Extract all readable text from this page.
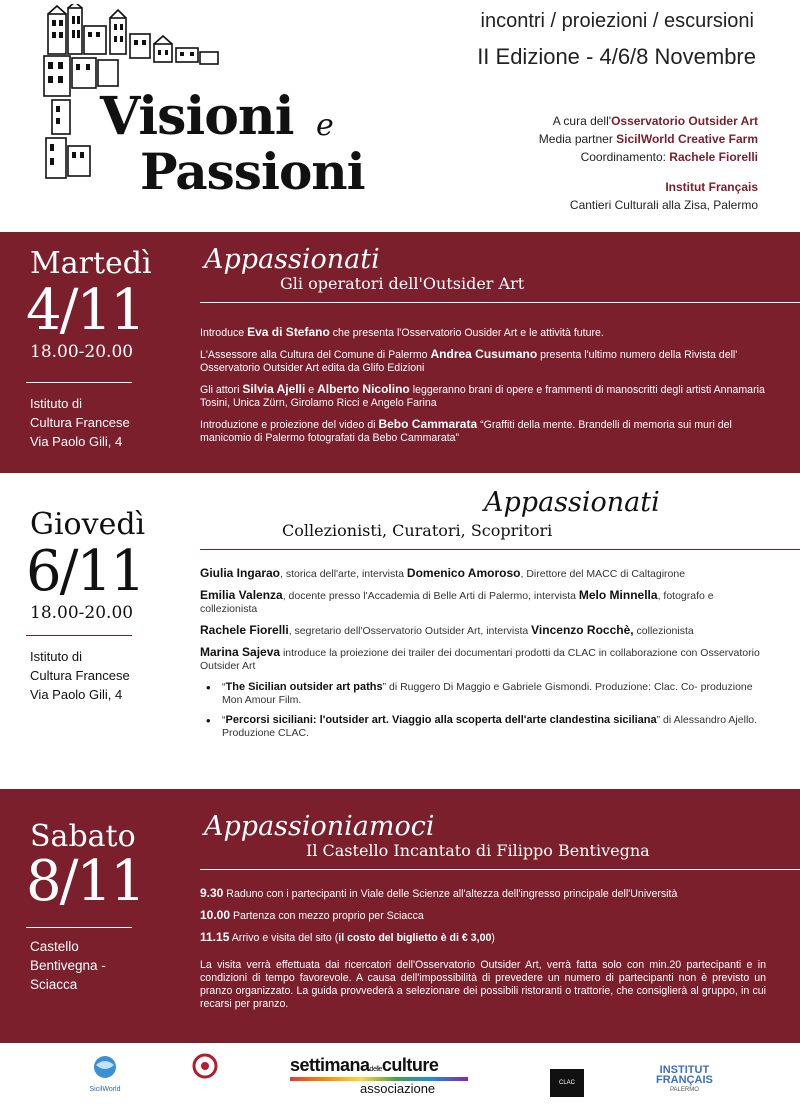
Visioni e
Passioni
incontri / proiezioni / escursioni
II Edizione - 4/6/8 Novembre
A cura dell'Osservatorio Outsider Art
Media partner SicilWorld Creative Farm
Coordinamento: Rachele Fiorelli
Institut Français
Cantieri Culturali alla Zisa, Palermo
Martedì
4/11
18.00-20.00
Istituto di
Cultura Francese
Via Paolo Gili, 4
Appassionati
Gli operatori dell'Outsider Art

Introduce Eva di Stefano che presenta l'Osservatorio Ousider Art e le attività future.

L'Assessore alla Cultura del Comune di Palermo Andrea Cusumano presenta l'ultimo numero della Rivista dell' Osservatorio Outsider Art edita da Glifo Edizioni

Gli attori Silvia Ajelli e Alberto Nicolino leggeranno brani di opere e frammenti di manoscritti degli artisti Annamaria Tosini, Unica Zürn, Girolamo Ricci e Angelo Farina

Introduzione e proiezione del video di Bebo Cammarata “Graffiti della mente. Brandelli di memoria sui muri del manicomio di Palermo fotografati da Bebo Cammarata”

Giovedì
6/11
18.00-20.00
Istituto di
Cultura Francese
Via Paolo Gili, 4
Appassionati
Collezionisti, Curatori, Scopritori

Giulia Ingarao, storica dell'arte, intervista Domenico Amoroso, Direttore del MACC di Caltagirone

Emilia Valenza, docente presso l'Accademia di Belle Arti di Palermo, intervista Melo Minnella, fotografo e collezionista

Rachele Fiorelli, segretario dell'Osservatorio Outsider Art, intervista Vincenzo Rocchè, collezionista

Marina Sajeva introduce la proiezione dei trailer dei documentari prodotti da CLAC in collaborazione con Osservatorio Outsider Art

• “The Sicilian outsider art paths” di Ruggero Di Maggio e Gabriele Gismondi. Produzione: Clac. Co- produzione Mon Amour Film.
• “Percorsi siciliani: l'outsider art. Viaggio alla scoperta dell'arte clandestina siciliana” di Alessandro Ajello. Produzione CLAC.
Sabato
8/11
Castello
Bentivegna -
Sciacca
Appassioniamoci
Il Castello Incantato di Filippo Bentivegna

9.30 Raduno con i partecipanti in Viale delle Scienze all'altezza dell'ingresso principale dell'Università

10.00 Partenza con mezzo proprio per Sciacca

11.15 Arrivo e visita del sito (il costo del biglietto è di € 3,00)

La visita verrà effettuata dai ricercatori dell'Osservatorio Outsider Art, verrà fatta solo con min.20 partecipanti e in condizioni di tempo favorevole. A causa dell'impossibilità di prevedere un numero di partecipanti non è previsto un pranzo organizzato. La guida provvederà a selezionare dei possibili ristoranti o trattorie, che consiglierà al gruppo, in cui recarsi per pranzo.

SicilWorld
settimanadelleculture
associazione	CLAC
INSTITUT
FRANÇAIS
PALERMO
